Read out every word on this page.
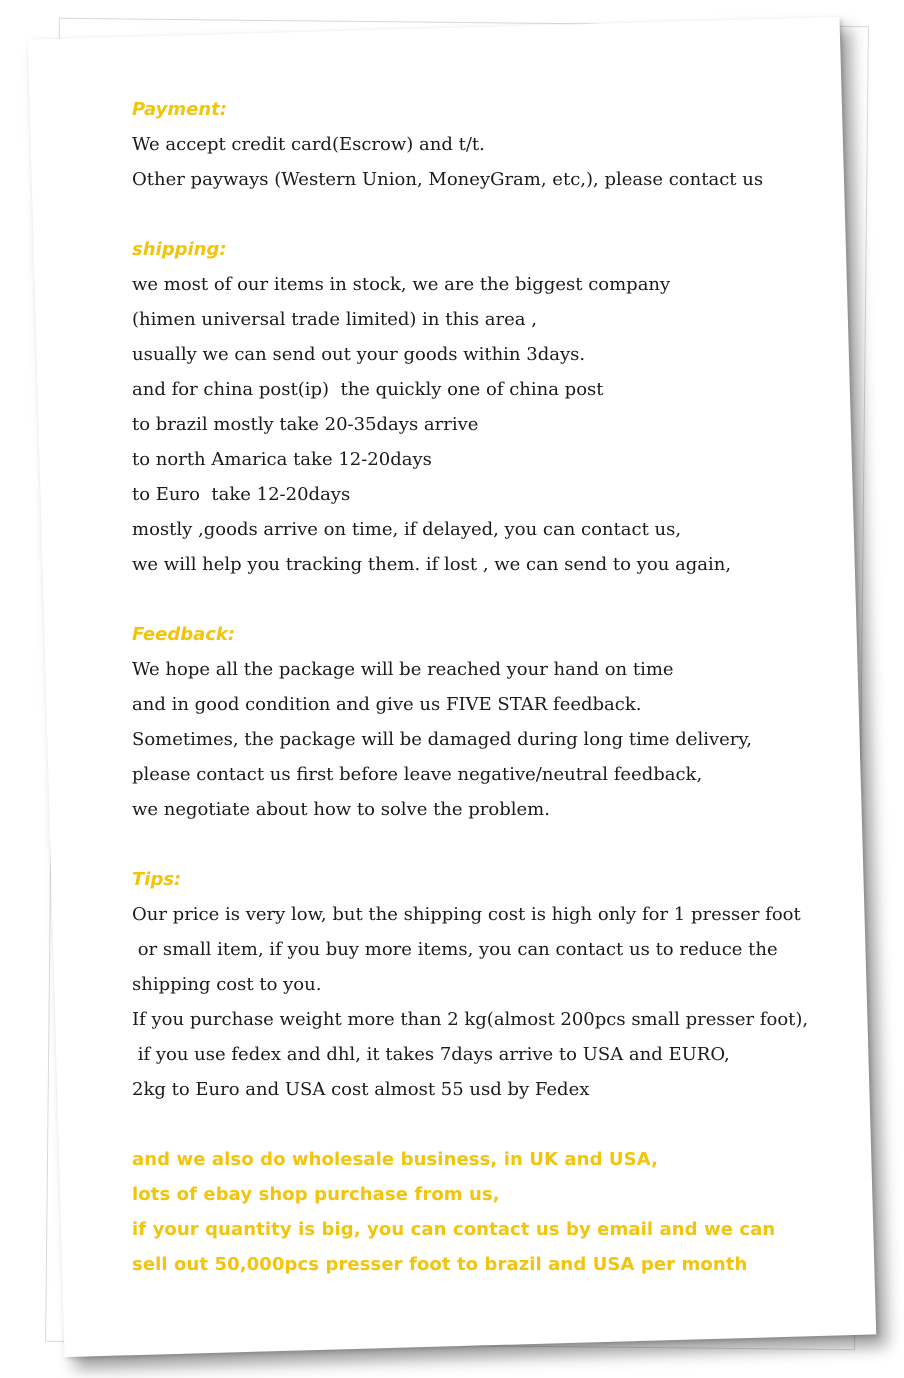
Payment:
We accept credit card(Escrow) and t/t.
Other payways (Western Union, MoneyGram, etc,), please contact us
shipping:
we most of our items in stock, we are the biggest company
(himen universal trade limited) in this area ,
usually we can send out your goods within 3days.
and for china post(ip)  the quickly one of china post
to brazil mostly take 20-35days arrive
to north Amarica take 12-20days
to Euro  take 12-20days
mostly ,goods arrive on time, if delayed, you can contact us,
we will help you tracking them. if lost , we can send to you again,
Feedback:
We hope all the package will be reached your hand on time
and in good condition and give us FIVE STAR feedback.
Sometimes, the package will be damaged during long time delivery,
please contact us first before leave negative/neutral feedback,
we negotiate about how to solve the problem.
Tips:
Our price is very low, but the shipping cost is high only for 1 presser foot
or small item, if you buy more items, you can contact us to reduce the
shipping cost to you.
If you purchase weight more than 2 kg(almost 200pcs small presser foot),
if you use fedex and dhl, it takes 7days arrive to USA and EURO,
2kg to Euro and USA cost almost 55 usd by Fedex
and we also do wholesale business, in UK and USA,
lots of ebay shop purchase from us,
if your quantity is big, you can contact us by email and we can
sell out 50,000pcs presser foot to brazil and USA per month
